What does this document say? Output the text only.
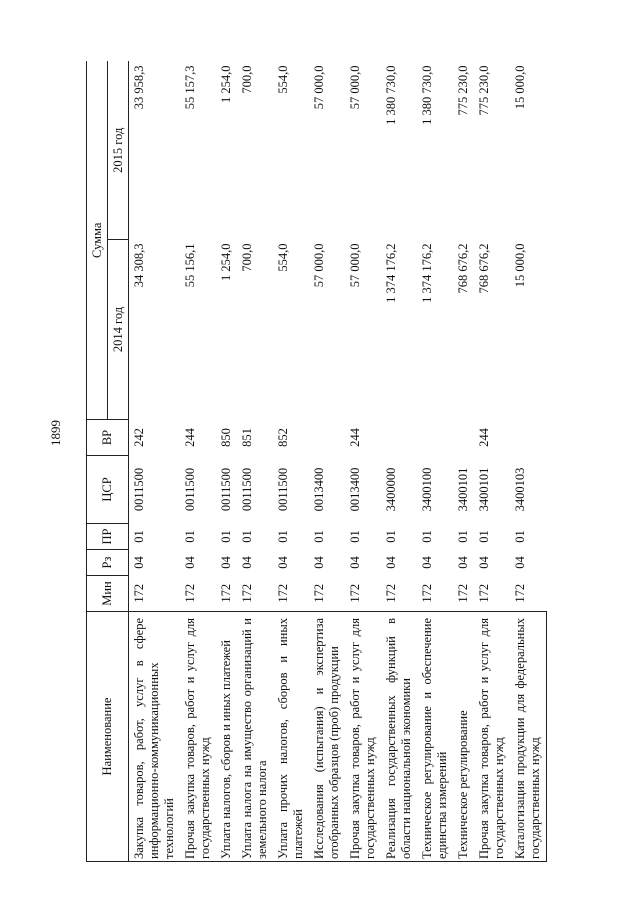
1899
Наименование	Мин	Рз	ПР	ЦСР	ВР	Сумма	
						2014 год	2015 год
Закупка товаров, работ, услуг в сфере информационно-коммуникационных технологий	172	04	01	0011500	242	34 308,3	33 958,3
Прочая закупка товаров, работ и услуг для государственных нужд	172	04	01	0011500	244	55 156,1	55 157,3
Уплата налогов, сборов и иных платежей	172	04	01	0011500	850	1 254,0	1 254,0
Уплата налога на имущество организаций и земельного налога	172	04	01	0011500	851	700,0	700,0
Уплата прочих налогов, сборов и иных платежей	172	04	01	0011500	852	554,0	554,0
Исследования (испытания) и экспертиза отобранных образцов (проб) продукции	172	04	01	0013400		57 000,0	57 000,0
Прочая закупка товаров, работ и услуг для государственных нужд	172	04	01	0013400	244	57 000,0	57 000,0
Реализация государственных функций в области национальной экономики	172	04	01	3400000		1 374 176,2	1 380 730,0
Техническое регулирование и обеспечение единства измерений	172	04	01	3400100		1 374 176,2	1 380 730,0
Техническое регулирование	172	04	01	3400101		768 676,2	775 230,0
Прочая закупка товаров, работ и услуг для государственных нужд	172	04	01	3400101	244	768 676,2	775 230,0
Каталогизация продукции для федеральных государственных нужд	172	04	01	3400103		15 000,0	15 000,0
